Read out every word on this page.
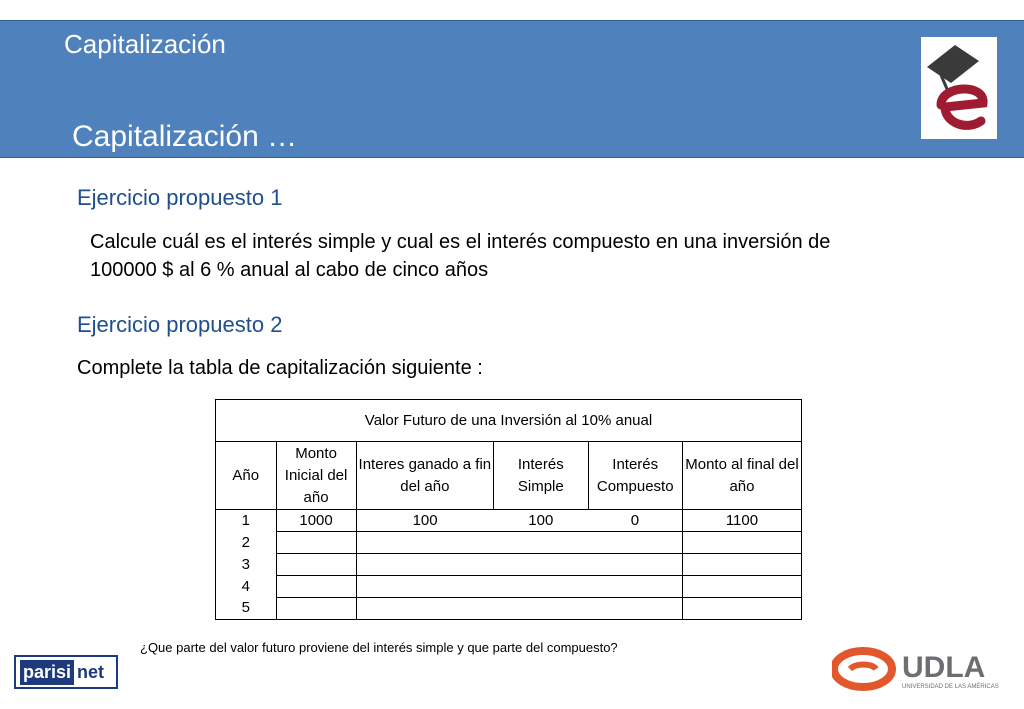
Capitalización
Capitalización …
Ejercicio propuesto 1
Calcule cuál es el interés simple y cual es el interés compuesto en una inversión de
100000 $ al 6 % anual al cabo de cinco años
Ejercicio propuesto 2
Complete la tabla de capitalización siguiente :
Valor Futuro de una Inversión al 10% anual					
Año	Monto Inicial del año	Interes ganado a fin del año	Interés Simple	Interés Compuesto	Monto al final del año
1	1000	100	100	0	1100
2					
3					
4					
5					
¿Que parte del valor futuro proviene del interés simple y que parte del compuesto?
parisi net	UDLA
UNIVERSIDAD DE LAS AMÉRICAS
